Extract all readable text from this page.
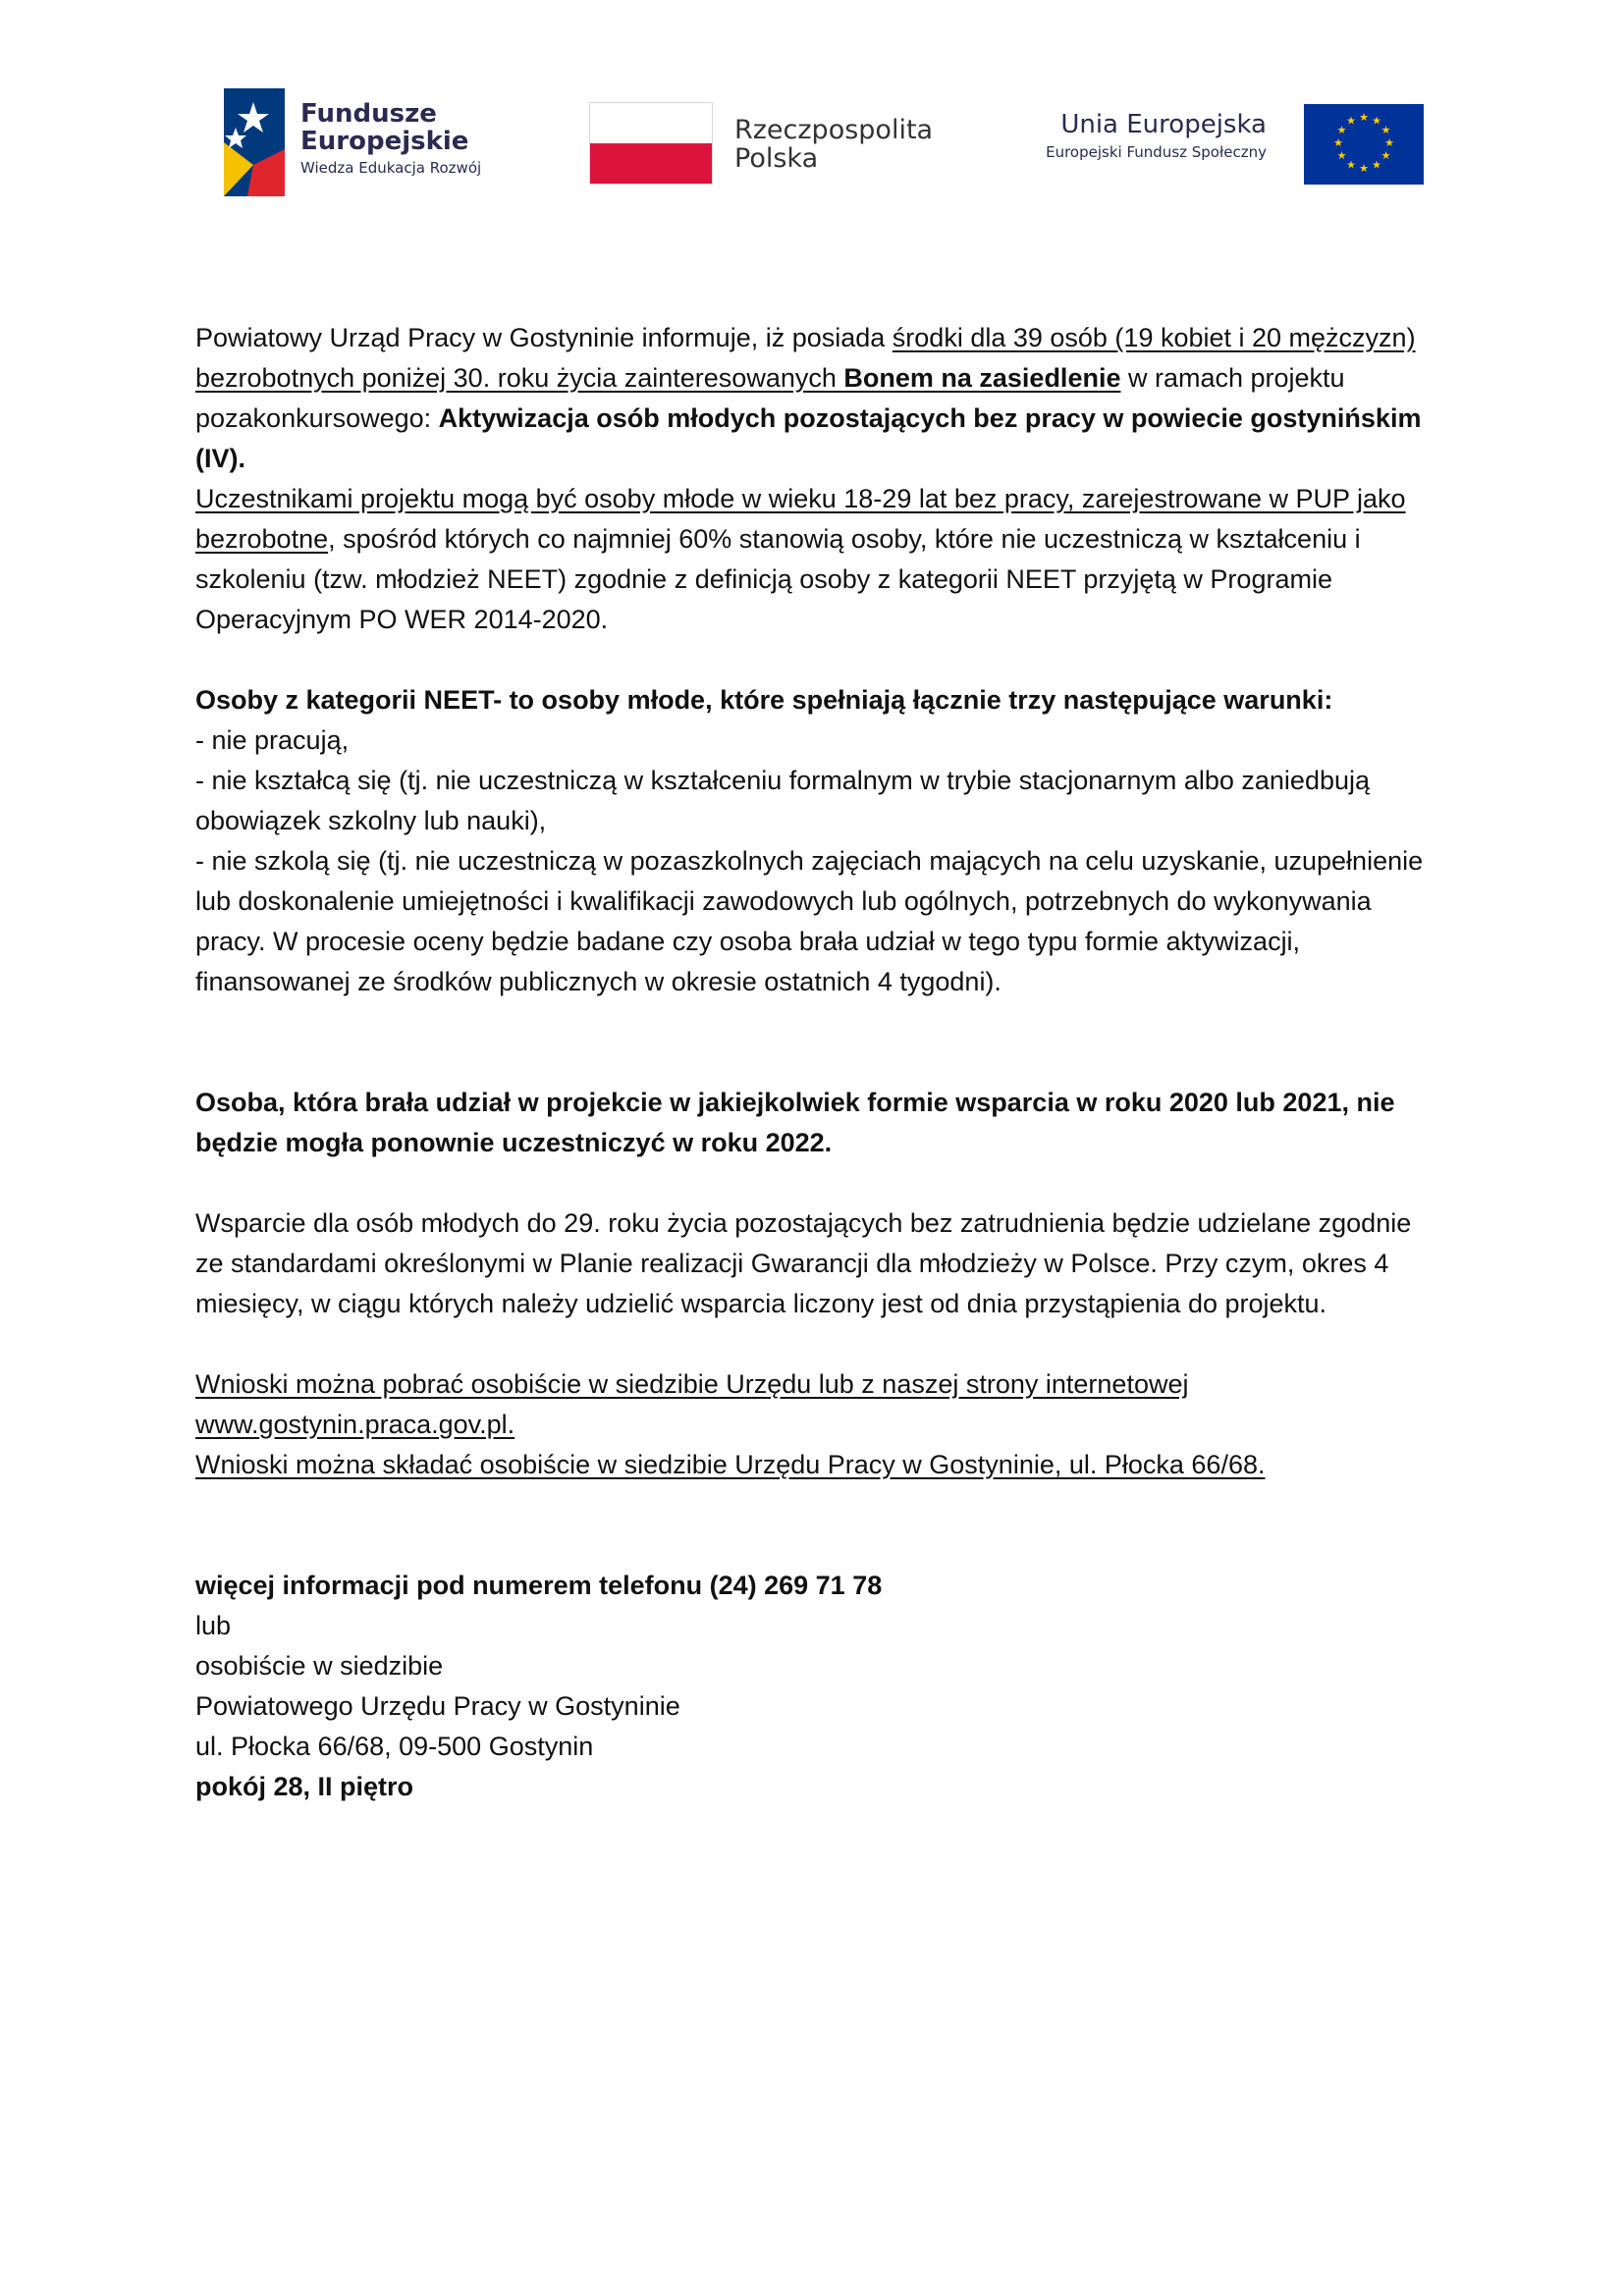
Fundusze
Europejskie
Wiedza Edukacja Rozwój
Rzeczpospolita
Polska
Unia Europejska
Europejski Fundusz Społeczny
★ ★
★
★
★
★
★
★
★
★
★
★

Powiatowy Urząd Pracy w Gostyninie informuje, iż posiada środki dla 39 osób (19 kobiet i 20 mężczyzn) bezrobotnych poniżej 30. roku życia zainteresowanych Bonem na zasiedlenie w ramach projektu pozakonkursowego: Aktywizacja osób młodych pozostających bez pracy w powiecie gostynińskim (IV).

Uczestnikami projektu mogą być osoby młode w wieku 18-29 lat bez pracy, zarejestrowane w PUP jako bezrobotne, spośród których co najmniej 60% stanowią osoby, które nie uczestniczą w kształceniu i szkoleniu (tzw. młodzież NEET) zgodnie z definicją osoby z kategorii NEET przyjętą w Programie Operacyjnym PO WER 2014-2020.

Osoby z kategorii NEET- to osoby młode, które spełniają łącznie trzy następujące warunki:

- nie pracują,

- nie kształcą się (tj. nie uczestniczą w kształceniu formalnym w trybie stacjonarnym albo zaniedbują obowiązek szkolny lub nauki),

- nie szkolą się (tj. nie uczestniczą w pozaszkolnych zajęciach mających na celu uzyskanie, uzupełnienie lub doskonalenie umiejętności i kwalifikacji zawodowych lub ogólnych, potrzebnych do wykonywania pracy. W procesie oceny będzie badane czy osoba brała udział w tego typu formie aktywizacji, finansowanej ze środków publicznych w okresie ostatnich 4 tygodni).

Osoba, która brała udział w projekcie w jakiejkolwiek formie wsparcia w roku 2020 lub 2021, nie będzie mogła ponownie uczestniczyć w roku 2022.

Wsparcie dla osób młodych do 29. roku życia pozostających bez zatrudnienia będzie udzielane zgodnie ze standardami określonymi w Planie realizacji Gwarancji dla młodzieży w Polsce. Przy czym, okres 4 miesięcy, w ciągu których należy udzielić wsparcia liczony jest od dnia przystąpienia do projektu.

Wnioski można pobrać osobiście w siedzibie Urzędu lub z naszej strony internetowej www.gostynin.praca.gov.pl.

Wnioski można składać osobiście w siedzibie Urzędu Pracy w Gostyninie, ul. Płocka 66/68.

więcej informacji pod numerem telefonu (24) 269 71 78

lub

osobiście w siedzibie

Powiatowego Urzędu Pracy w Gostyninie

ul. Płocka 66/68, 09-500 Gostynin

pokój 28, II piętro
